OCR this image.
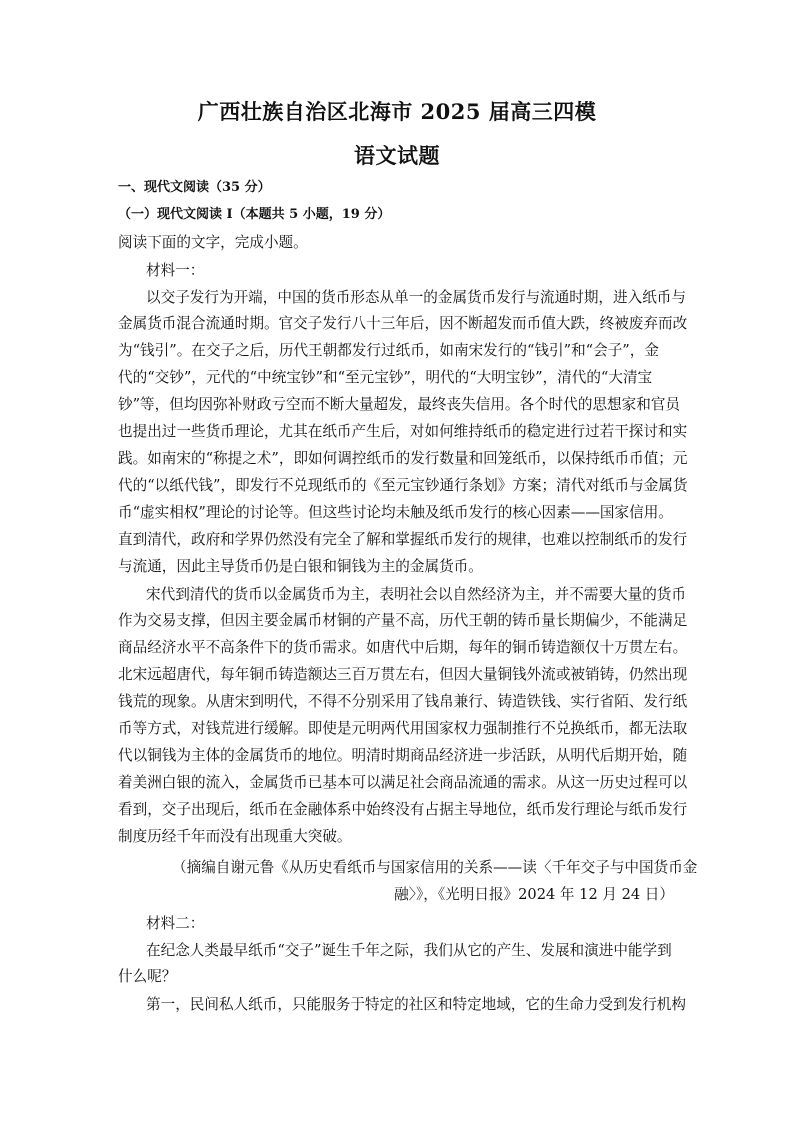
广西壮族自治区北海市 2025 届高三四模
语文试题
一、现代文阅读（35 分）
（一）现代文阅读 I（本题共 5 小题，19 分）
阅读下面的文字，完成小题。
材料一：
以交子发行为开端，中国的货币形态从单一的金属货币发行与流通时期，进入纸币与
金属货币混合流通时期。官交子发行八十三年后，因不断超发而币值大跌，终被废弃而改
为“钱引”。在交子之后，历代王朝都发行过纸币，如南宋发行的“钱引”和“会子”，金
代的“交钞”，元代的“中统宝钞”和“至元宝钞”，明代的“大明宝钞”，清代的“大清宝
钞”等，但均因弥补财政亏空而不断大量超发，最终丧失信用。各个时代的思想家和官员
也提出过一些货币理论，尤其在纸币产生后，对如何维持纸币的稳定进行过若干探讨和实
践。如南宋的“称提之术”，即如何调控纸币的发行数量和回笼纸币，以保持纸币币值；元
代的“以纸代钱”，即发行不兑现纸币的《至元宝钞通行条划》方案；清代对纸币与金属货
币“虚实相权”理论的讨论等。但这些讨论均未触及纸币发行的核心因素——国家信用。
直到清代，政府和学界仍然没有完全了解和掌握纸币发行的规律，也难以控制纸币的发行
与流通，因此主导货币仍是白银和铜钱为主的金属货币。
宋代到清代的货币以金属货币为主，表明社会以自然经济为主，并不需要大量的货币
作为交易支撑，但因主要金属币材铜的产量不高，历代王朝的铸币量长期偏少，不能满足
商品经济水平不高条件下的货币需求。如唐代中后期，每年的铜币铸造额仅十万贯左右。
北宋远超唐代，每年铜币铸造额达三百万贯左右，但因大量铜钱外流或被销铸，仍然出现
钱荒的现象。从唐宋到明代，不得不分别采用了钱帛兼行、铸造铁钱、实行省陌、发行纸
币等方式，对钱荒进行缓解。即使是元明两代用国家权力强制推行不兑换纸币，都无法取
代以铜钱为主体的金属货币的地位。明清时期商品经济进一步活跃，从明代后期开始，随
着美洲白银的流入，金属货币已基本可以满足社会商品流通的需求。从这一历史过程可以
看到，交子出现后，纸币在金融体系中始终没有占据主导地位，纸币发行理论与纸币发行
制度历经千年而没有出现重大突破。
（摘编自谢元鲁《从历史看纸币与国家信用的关系——读〈千年交子与中国货币金
融〉》，《光明日报》2024 年 12 月 24 日）
材料二：
在纪念人类最早纸币“交子”诞生千年之际，我们从它的产生、发展和演进中能学到
什么呢？
第一，民间私人纸币，只能服务于特定的社区和特定地域，它的生命力受到发行机构
